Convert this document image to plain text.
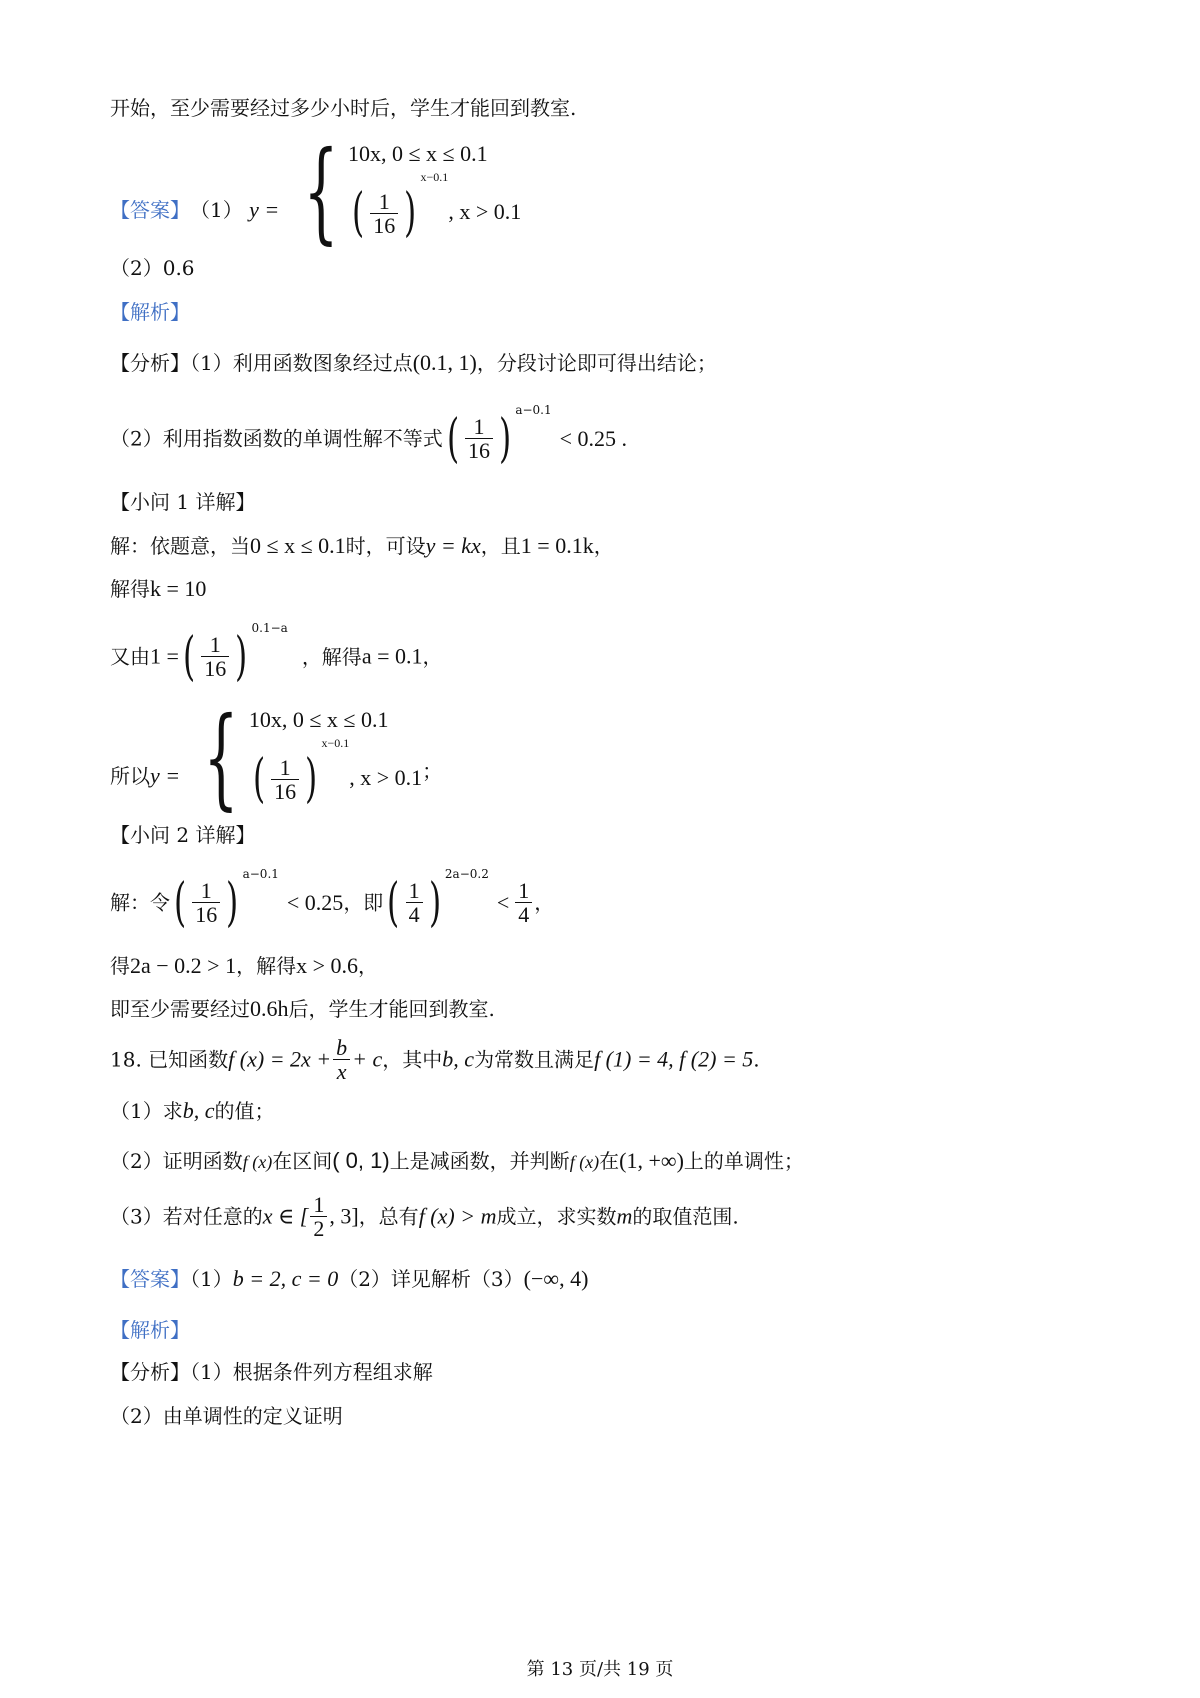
开始，至少需要经过多少小时后，学生才能回到教室.
【答案】（1） y = { 10x, 0 ≤ x ≤ 0.1
( $\frac{1}{16}$ )
$^{x-0.1}$, x > 0.1
（2）0.6
【解析】
【分析】（1）利用函数图象经过点(0.1, 1)，分段讨论即可得出结论；
（2）利用指数函数的单调性解不等式 ( $\frac{1}{16}$ ) $^{a-0.1}$< 0.25 .
【小问 1 详解】
解：依题意，当0 ≤ x ≤ 0.1时，可设y = kx，且1 = 0.1k，
解得k = 10
又由1 = ( $\frac{1}{16}$ ) $^{0.1-a}$，解得a = 0.1，
所以y = { 10x, 0 ≤ x ≤ 0.1
( $\frac{1}{16}$ )
$^{x-0.1}$, x > 0.1 ；
【小问 2 详解】
解：令 ( $\frac{1}{16}$ ) $^{a-0.1}$< 0.25，即 ( $\frac{1}{4}$ ) $^{2a-0.2}< \frac{1}{4}$ ，
得2a − 0.2 > 1，解得x > 0.6，
即至少需要经过0.6h后，学生才能回到教室.
18. 已知函数f $(x) = 2x + \frac{b}{x} + c$，其中b, c为常数且满足f (1) = 4, f (2) = 5.
（1）求b, c的值；
（2）证明函数f (x)在区间( 0, 1)上是减函数，并判断f (x)在(1, +∞)上的单调性；
（3）若对任意的x ∈ [ $\frac{1}{2}$ , 3]，总有f (x) > m成立，求实数m的取值范围.
【答案】（1）b = 2, c = 0（2）详见解析（3）(−∞, 4)
【解析】
【分析】（1）根据条件列方程组求解
（2）由单调性的定义证明
第 13 页/共 19 页
